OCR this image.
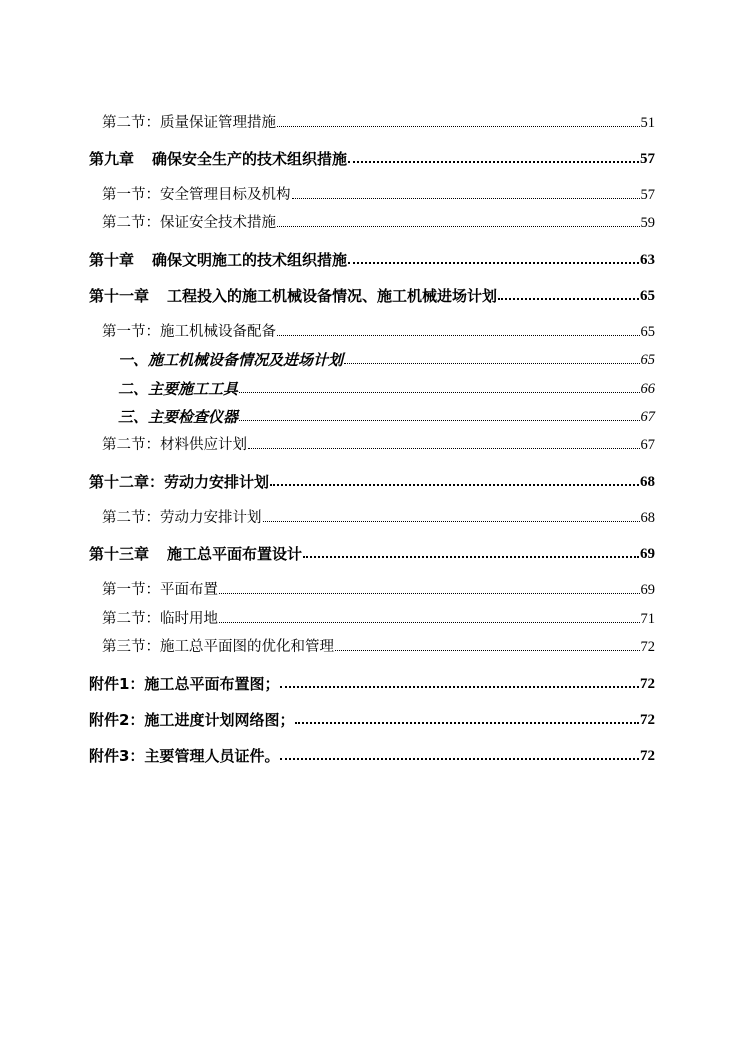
第二节：质量保证管理措施	51
第九章 确保安全生产的技术组织措施	57
第一节：安全管理目标及机构	57
第二节：保证安全技术措施	59
第十章 确保文明施工的技术组织措施	63
第十一章 工程投入的施工机械设备情况、施工机械进场计划	65
第一节：施工机械设备配备	65
一、施工机械设备情况及进场计划	65
二、主要施工工具	66
三、主要检查仪器	67
第二节：材料供应计划	67
第十二章：劳动力安排计划	68
第二节：劳动力安排计划	68
第十三章 施工总平面布置设计	69
第一节：平面布置	69
第二节：临时用地	71
第三节：施工总平面图的优化和管理	72
附件1：施工总平面布置图；	72
附件2：施工进度计划网络图；	72
附件3：主要管理人员证件。	72
